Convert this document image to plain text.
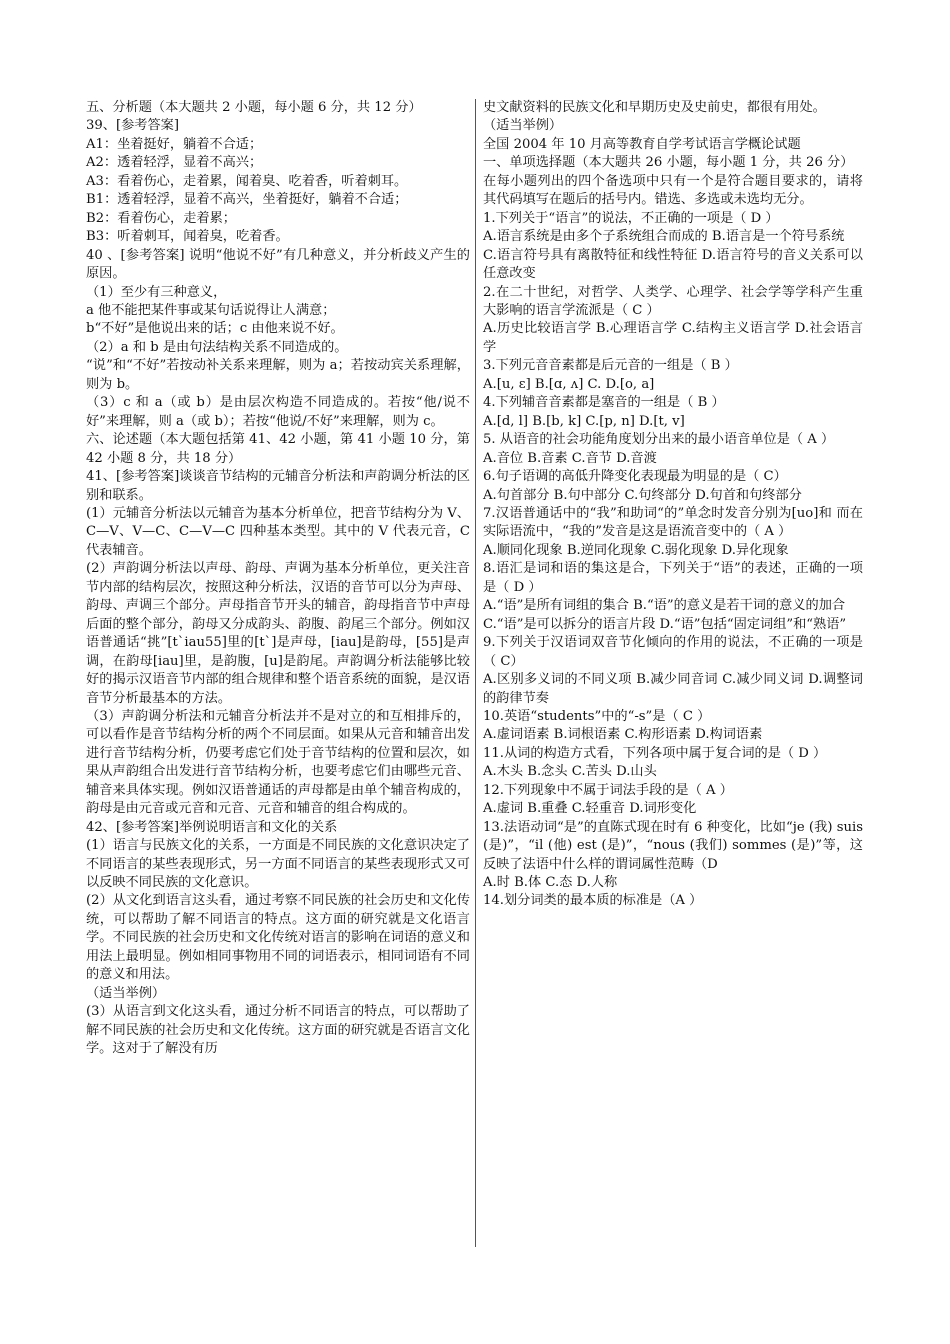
五、分析题（本大题共 2 小题，每小题 6 分，共 12 分）

39、[参考答案]

A1：坐着挺好，躺着不合适；

A2：透着轻浮，显着不高兴；

A3：看着伤心，走着累，闻着臭、吃着香，听着刺耳。

B1：透着轻浮，显着不高兴，坐着挺好，躺着不合适；

B2：看着伤心，走着累；

B3：听着刺耳，闻着臭，吃着香。

40 、[参考答案] 说明“他说不好”有几种意义，并分析歧义产生的原因。

（1）至少有三种意义，

a 他不能把某件事或某句话说得让人满意；

b“不好”是他说出来的话；c 由他来说不好。

（2）a 和 b 是由句法结构关系不同造成的。

“说”和“不好”若按动补关系来理解，则为 a；若按动宾关系理解，则为 b。

（3）c 和 a（或 b）是由层次构造不同造成的。若按“他/说不好”来理解，则 a（或 b）；若按“他说/不好”来理解，则为 c。

六、论述题（本大题包括第 41、42 小题，第 41 小题 10 分，第 42 小题 8 分，共 18 分）

41、[参考答案]谈谈音节结构的元辅音分析法和声韵调分析法的区别和联系。

(1）元辅音分析法以元辅音为基本分析单位，把音节结构分为 V、C—V、V—C、C—V—C 四种基本类型。其中的 V 代表元音，C 代表辅音。

(2）声韵调分析法以声母、韵母、声调为基本分析单位，更关注音节内部的结构层次，按照这种分析法，汉语的音节可以分为声母、韵母、声调三个部分。声母指音节开头的辅音，韵母指音节中声母后面的整个部分，韵母又分成韵头、韵腹、韵尾三个部分。例如汉语普通话“挑”[t`iau55]里的[t`]是声母，[iau]是韵母，[55]是声调，在韵母[iau]里，是韵腹，[u]是韵尾。声韵调分析法能够比较好的揭示汉语音节内部的组合规律和整个语音系统的面貌，是汉语音节分析最基本的方法。

（3）声韵调分析法和元辅音分析法并不是对立的和互相排斥的，可以看作是音节结构分析的两个不同层面。如果从元音和辅音出发进行音节结构分析，仍要考虑它们处于音节结构的位置和层次，如果从声韵组合出发进行音节结构分析，也要考虑它们由哪些元音、辅音来具体实现。例如汉语普通话的声母都是由单个辅音构成的，韵母是由元音或元音和元音、元音和辅音的组合构成的。

42、[参考答案]举例说明语言和文化的关系

(1）语言与民族文化的关系，一方面是不同民族的文化意识决定了不同语言的某些表现形式，另一方面不同语言的某些表现形式又可以反映不同民族的文化意识。

(2）从文化到语言这头看，通过考察不同民族的社会历史和文化传统，可以帮助了解不同语言的特点。这方面的研究就是文化语言学。不同民族的社会历史和文化传统对语言的影响在词语的意义和用法上最明显。例如相同事物用不同的词语表示，相同词语有不同的意义和用法。

（适当举例）

(3）从语言到文化这头看，通过分析不同语言的特点，可以帮助了解不同民族的社会历史和文化传统。这方面的研究就是否语言文化学。这对于了解没有历

史文献资料的民族文化和早期历史及史前史，都很有用处。

（适当举例）

全国 2004 年 10 月高等教育自学考试语言学概论试题

一、单项选择题（本大题共 26 小题，每小题 1 分，共 26 分）

在每小题列出的四个备选项中只有一个是符合题目要求的，请将其代码填写在题后的括号内。错选、多选或未选均无分。

1.下列关于“语言”的说法，不正确的一项是（ D ）

A.语言系统是由多个子系统组合而成的 B.语言是一个符号系统

C.语言符号具有离散特征和线性特征 D.语言符号的音义关系可以任意改变

2.在二十世纪，对哲学、人类学、心理学、社会学等学科产生重大影响的语言学流派是（ C ）

A.历史比较语言学 B.心理语言学 C.结构主义语言学 D.社会语言学

3.下列元音音素都是后元音的一组是（ B ）

A.[u, ɛ] B.[ɑ, ʌ] C. D.[o, a]

4.下列辅音音素都是塞音的一组是（ B ）

A.[d, l] B.[b, k] C.[p, n] D.[t, v]

5. 从语音的社会功能角度划分出来的最小语音单位是（ A ）

A.音位 B.音素 C.音节 D.音渡

6.句子语调的高低升降变化表现最为明显的是（ C）

A.句首部分 B.句中部分 C.句终部分 D.句首和句终部分

7.汉语普通话中的“我”和助词“的”单念时发音分别为[uo]和 而在实际语流中，“我的”发音是这是语流音变中的（ A ）

A.顺同化现象 B.逆同化现象 C.弱化现象 D.异化现象

8.语汇是词和语的集这是合，下列关于“语”的表述，正确的一项是（ D ）

A.“语”是所有词组的集合 B.“语”的意义是若干词的意义的加合

C.“语”是可以拆分的语言片段 D.“语”包括“固定词组”和“熟语”

9.下列关于汉语词双音节化倾向的作用的说法，不正确的一项是（ C）

A.区别多义词的不同义项 B.减少同音词 C.减少同义词 D.调整词的韵律节奏

10.英语“students”中的“-s”是（ C ）

A.虚词语素 B.词根语素 C.构形语素 D.构词语素

11.从词的构造方式看，下列各项中属于复合词的是（ D ）

A.木头 B.念头 C.苦头 D.山头

12.下列现象中不属于词法手段的是（ A ）

A.虚词 B.重叠 C.轻重音 D.词形变化

13.法语动词“是”的直陈式现在时有 6 种变化，比如“je (我) suis (是)”，“il (他) est (是)”，“nous (我们) sommes (是)”等，这反映了法语中什么样的谓词属性范畴（D

A.时 B.体 C.态 D.人称

14.划分词类的最本质的标准是（A ）
